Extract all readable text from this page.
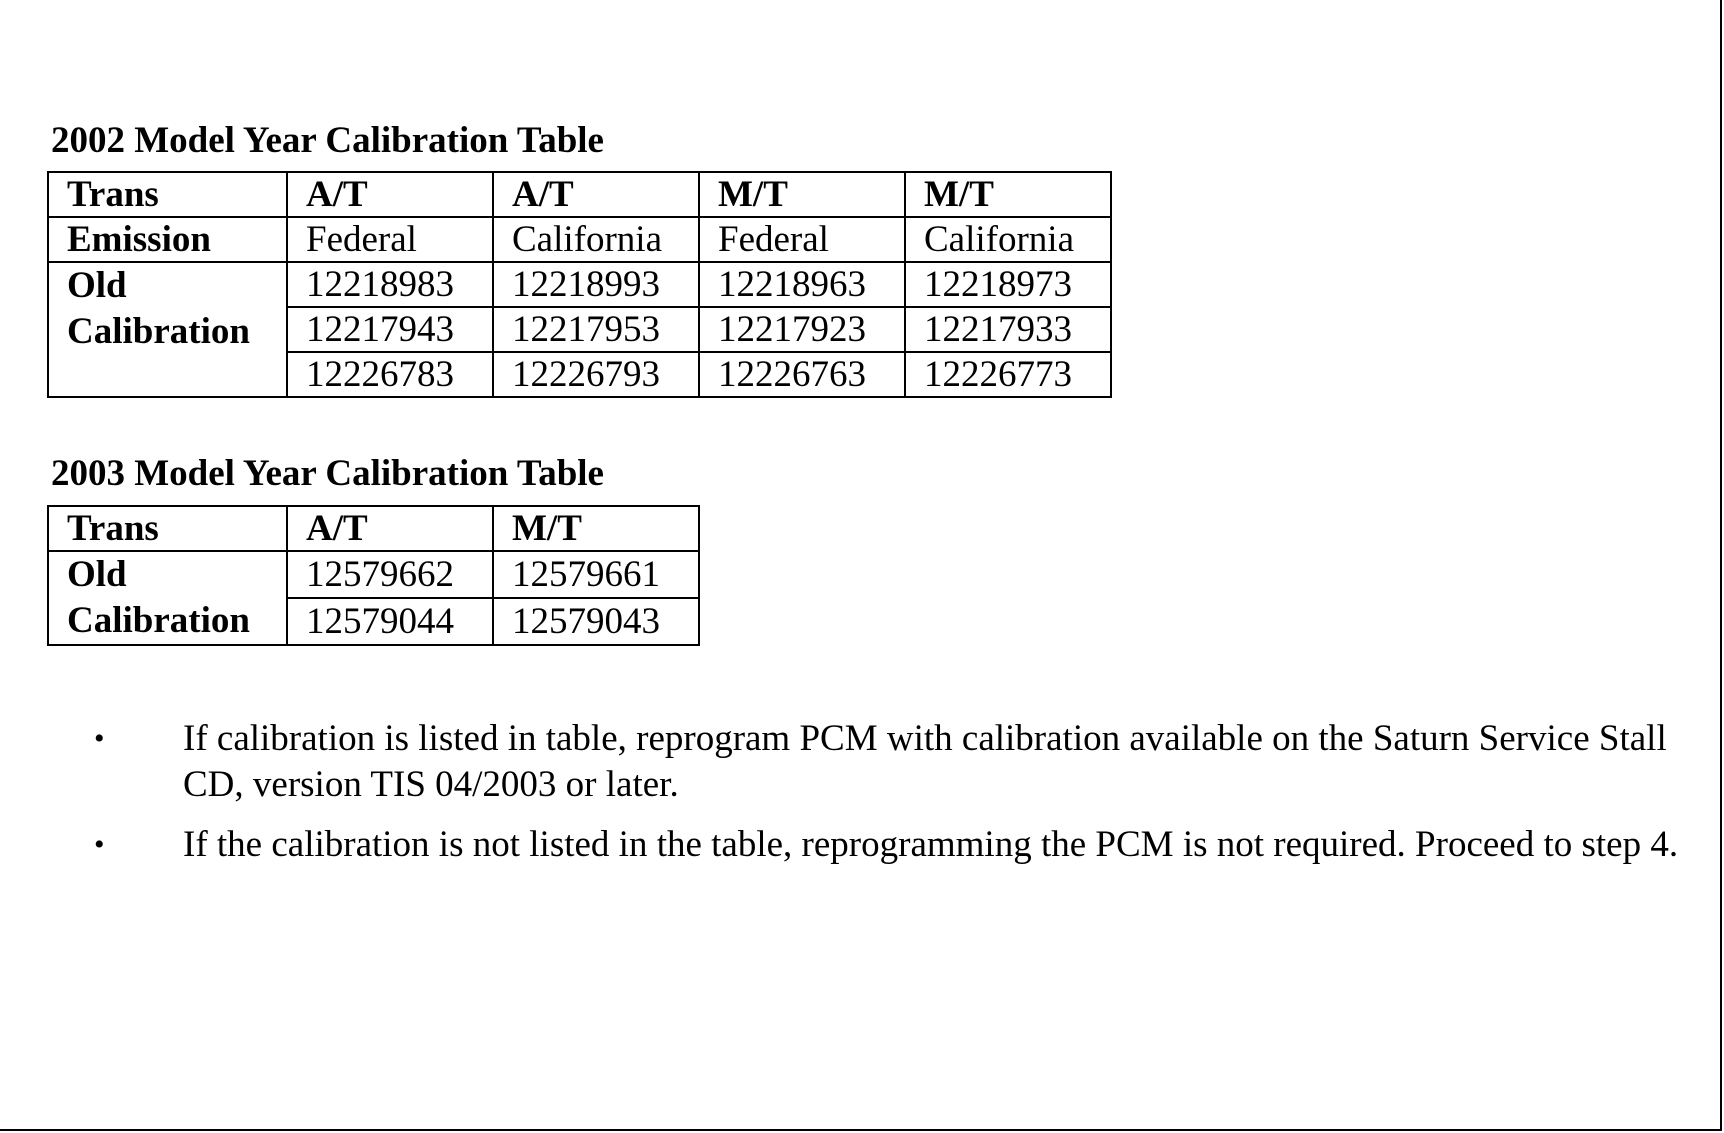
2002 Model Year Calibration Table
Trans	A/T	A/T	M/T	M/T
Emission	Federal	California	Federal	California
Old
Calibration	12218983	12218993	12218963	12218973
	12217943	12217953	12217923	12217933
	12226783	12226793	12226763	12226773
2003 Model Year Calibration Table
Trans	A/T	M/T
Old
Calibration	12579662	12579661
	12579044	12579043
• If calibration is listed in table, reprogram PCM with calibration available on the Saturn Service Stall CD, version TIS 04/2003 or later.
• If the calibration is not listed in the table, reprogramming the PCM is not required. Proceed to step 4.
